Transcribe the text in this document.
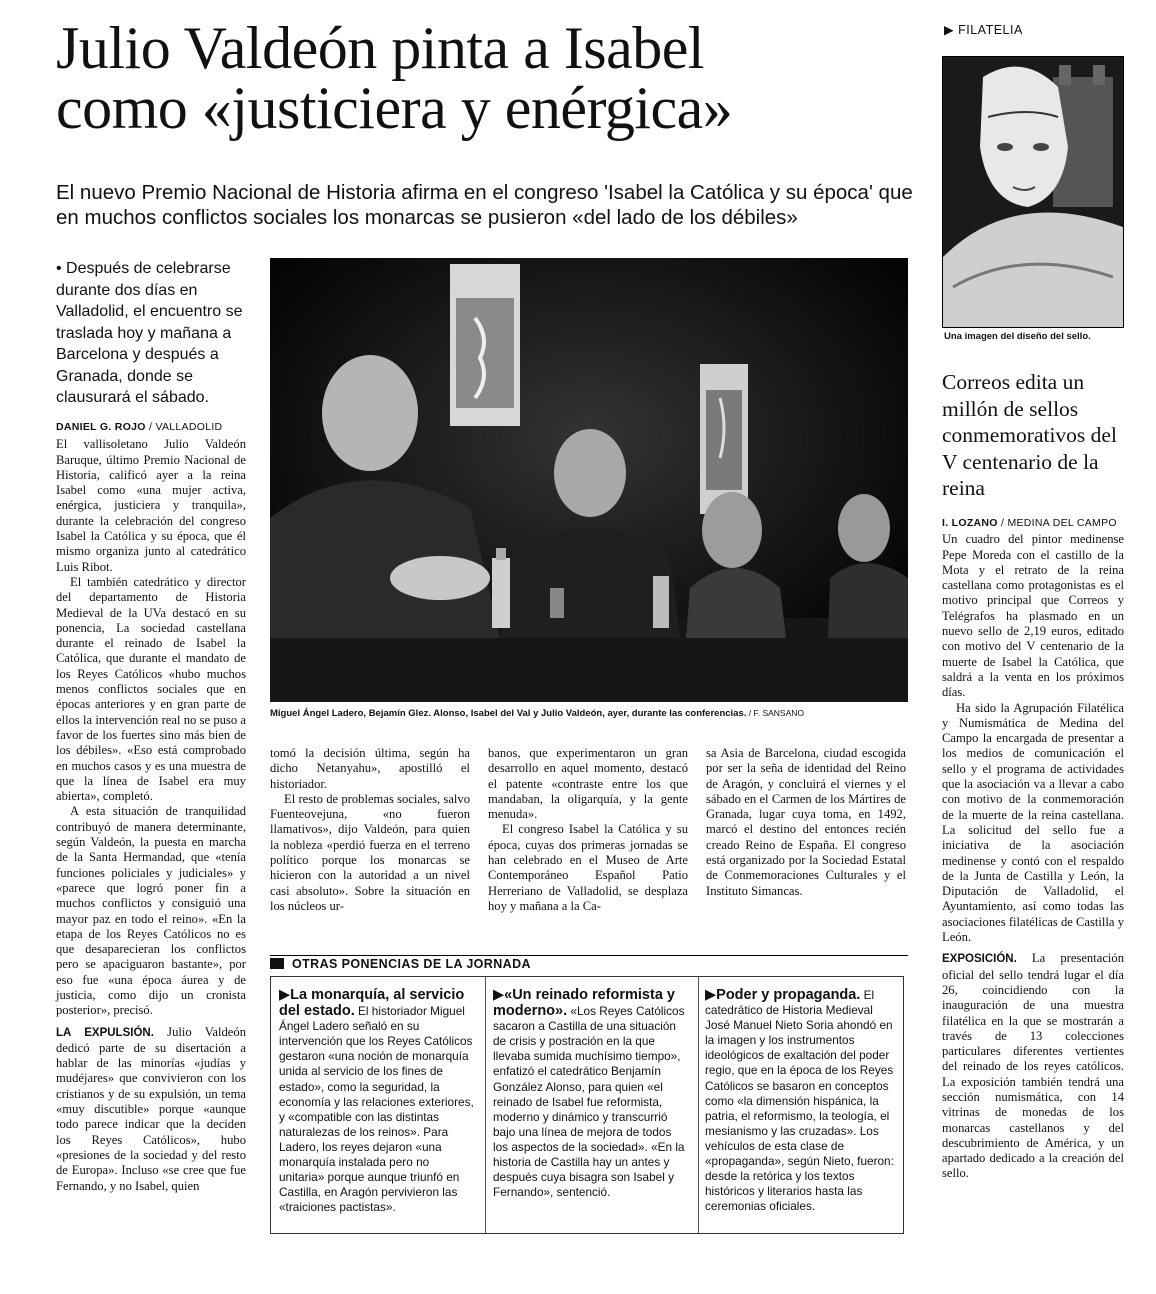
Julio Valdeón pinta a Isabel
como «justiciera y enérgica»
El nuevo Premio Nacional de Historia afirma en el congreso 'Isabel la Católica y su época' que en muchos conflictos sociales los monarcas se pusieron «del lado de los débiles»
• Después de celebrarse durante dos días en Valladolid, el encuentro se traslada hoy y mañana a Barcelona y después a Granada, donde se clausurará el sábado.
DANIEL G. ROJO / VALLADOLID

El vallisoletano Julio Valdeón Baruque, último Premio Nacional de Historia, calificó ayer a la reina Isabel como «una mujer activa, enérgica, justiciera y tranquila», durante la celebración del congreso Isabel la Católica y su época, que él mismo organiza junto al catedrático Luis Ribot.

El también catedrático y director del departamento de Historia Medieval de la UVa destacó en su ponencia, La sociedad castellana durante el reinado de Isabel la Católica, que durante el mandato de los Reyes Católicos «hubo muchos menos conflictos sociales que en épocas anteriores y en gran parte de ellos la intervención real no se puso a favor de los fuertes sino más bien de los débiles». «Eso está comprobado en muchos casos y es una muestra de que la línea de Isabel era muy abierta», completó.

A esta situación de tranquilidad contribuyó de manera determinante, según Valdeón, la puesta en marcha de la Santa Hermandad, que «tenía funciones policiales y judiciales» y «parece que logró poner fin a muchos conflictos y consiguió una mayor paz en todo el reino». «En la etapa de los Reyes Católicos no es que desaparecieran los conflictos pero se apaciguaron bastante», por eso fue «una época áurea y de justicia, como dijo un cronista posterior», precisó.

LA EXPULSIÓN. Julio Valdeón dedicó parte de su disertación a hablar de las minorías «judías y mudéjares» que convivieron con los cristianos y de su expulsión, un tema «muy discutible» porque «aunque todo parece indicar que la deciden los Reyes Católicos», hubo «presiones de la sociedad y del resto de Europa». Incluso «se cree que fue Fernando, y no Isabel, quien

Miguel Ángel Ladero, Bejamín Glez. Alonso, Isabel del Val y Julio Valdeón, ayer, durante las conferencias. / F. SANSANO

tomó la decisión última, según ha dicho Netanyahu», apostilló el historiador.

El resto de problemas sociales, salvo Fuenteovejuna, «no fueron llamativos», dijo Valdeón, para quien la nobleza «perdió fuerza en el terreno político porque los monarcas se hicieron con la autoridad a un nivel casi absoluto». Sobre la situación en los núcleos ur-

banos, que experimentaron un gran desarrollo en aquel momento, destacó el patente «contraste entre los que mandaban, la oligarquía, y la gente menuda».

El congreso Isabel la Católica y su época, cuyas dos primeras jornadas se han celebrado en el Museo de Arte Contemporáneo Español Patio Herreriano de Valladolid, se desplaza hoy y mañana a la Ca-

sa Asia de Barcelona, ciudad escogida por ser la seña de identidad del Reino de Aragón, y concluirá el viernes y el sábado en el Carmen de los Mártires de Granada, lugar cuya toma, en 1492, marcó el destino del entonces recién creado Reino de España. El congreso está organizado por la Sociedad Estatal de Conmemoraciones Culturales y el Instituto Simancas.

OTRAS PONENCIAS DE LA JORNADA
▶La monarquía, al servicio del estado. El historiador Miguel Ángel Ladero señaló en su intervención que los Reyes Católicos gestaron «una noción de monarquía unida al servicio de los fines de estado», como la seguridad, la economía y las relaciones exteriores, y «compatible con las distintas naturalezas de los reinos». Para Ladero, los reyes dejaron «una monarquía instalada pero no unitaria» porque aunque triunfó en Castilla, en Aragón pervivieron las «traiciones pactistas».
▶«Un reinado reformista y moderno». «Los Reyes Católicos sacaron a Castilla de una situación de crisis y postración en la que llevaba sumida muchísimo tiempo», enfatizó el catedrático Benjamín González Alonso, para quien «el reinado de Isabel fue reformista, moderno y dinámico y transcurrió bajo una línea de mejora de todos los aspectos de la sociedad». «En la historia de Castilla hay un antes y después cuya bisagra son Isabel y Fernando», sentenció.
▶Poder y propaganda. El catedrático de Historia Medieval José Manuel Nieto Soria ahondó en la imagen y los instrumentos ideológicos de exaltación del poder regio, que en la época de los Reyes Católicos se basaron en conceptos como «la dimensión hispánica, la patria, el reformismo, la teología, el mesianismo y las cruzadas». Los vehículos de esta clase de «propaganda», según Nieto, fueron: desde la retórica y los textos históricos y literarios hasta las ceremonias oficiales.
▶ FILATELIA
Una imagen del diseño del sello.
Correos edita un millón de sellos conmemorativos del V centenario de la reina
I. LOZANO / MEDINA DEL CAMPO

Un cuadro del pintor medinense Pepe Moreda con el castillo de la Mota y el retrato de la reina castellana como protagonistas es el motivo principal que Correos y Telégrafos ha plasmado en un nuevo sello de 2,19 euros, editado con motivo del V centenario de la muerte de Isabel la Católica, que saldrá a la venta en los próximos días.

Ha sido la Agrupación Filatélica y Numismática de Medina del Campo la encargada de presentar a los medios de comunicación el sello y el programa de actividades que la asociación va a llevar a cabo con motivo de la conmemoración de la muerte de la reina castellana. La solicitud del sello fue a iniciativa de la asociación medinense y contó con el respaldo de la Junta de Castilla y León, la Diputación de Valladolid, el Ayuntamiento, así como todas las asociaciones filatélicas de Castilla y León.

EXPOSICIÓN. La presentación oficial del sello tendrá lugar el día 26, coincidiendo con la inauguración de una muestra filatélica en la que se mostrarán a través de 13 colecciones particulares diferentes vertientes del reinado de los reyes católicos. La exposición también tendrá una sección numismática, con 14 vitrinas de monedas de los monarcas castellanos y del descubrimiento de América, y un apartado dedicado a la creación del sello.
